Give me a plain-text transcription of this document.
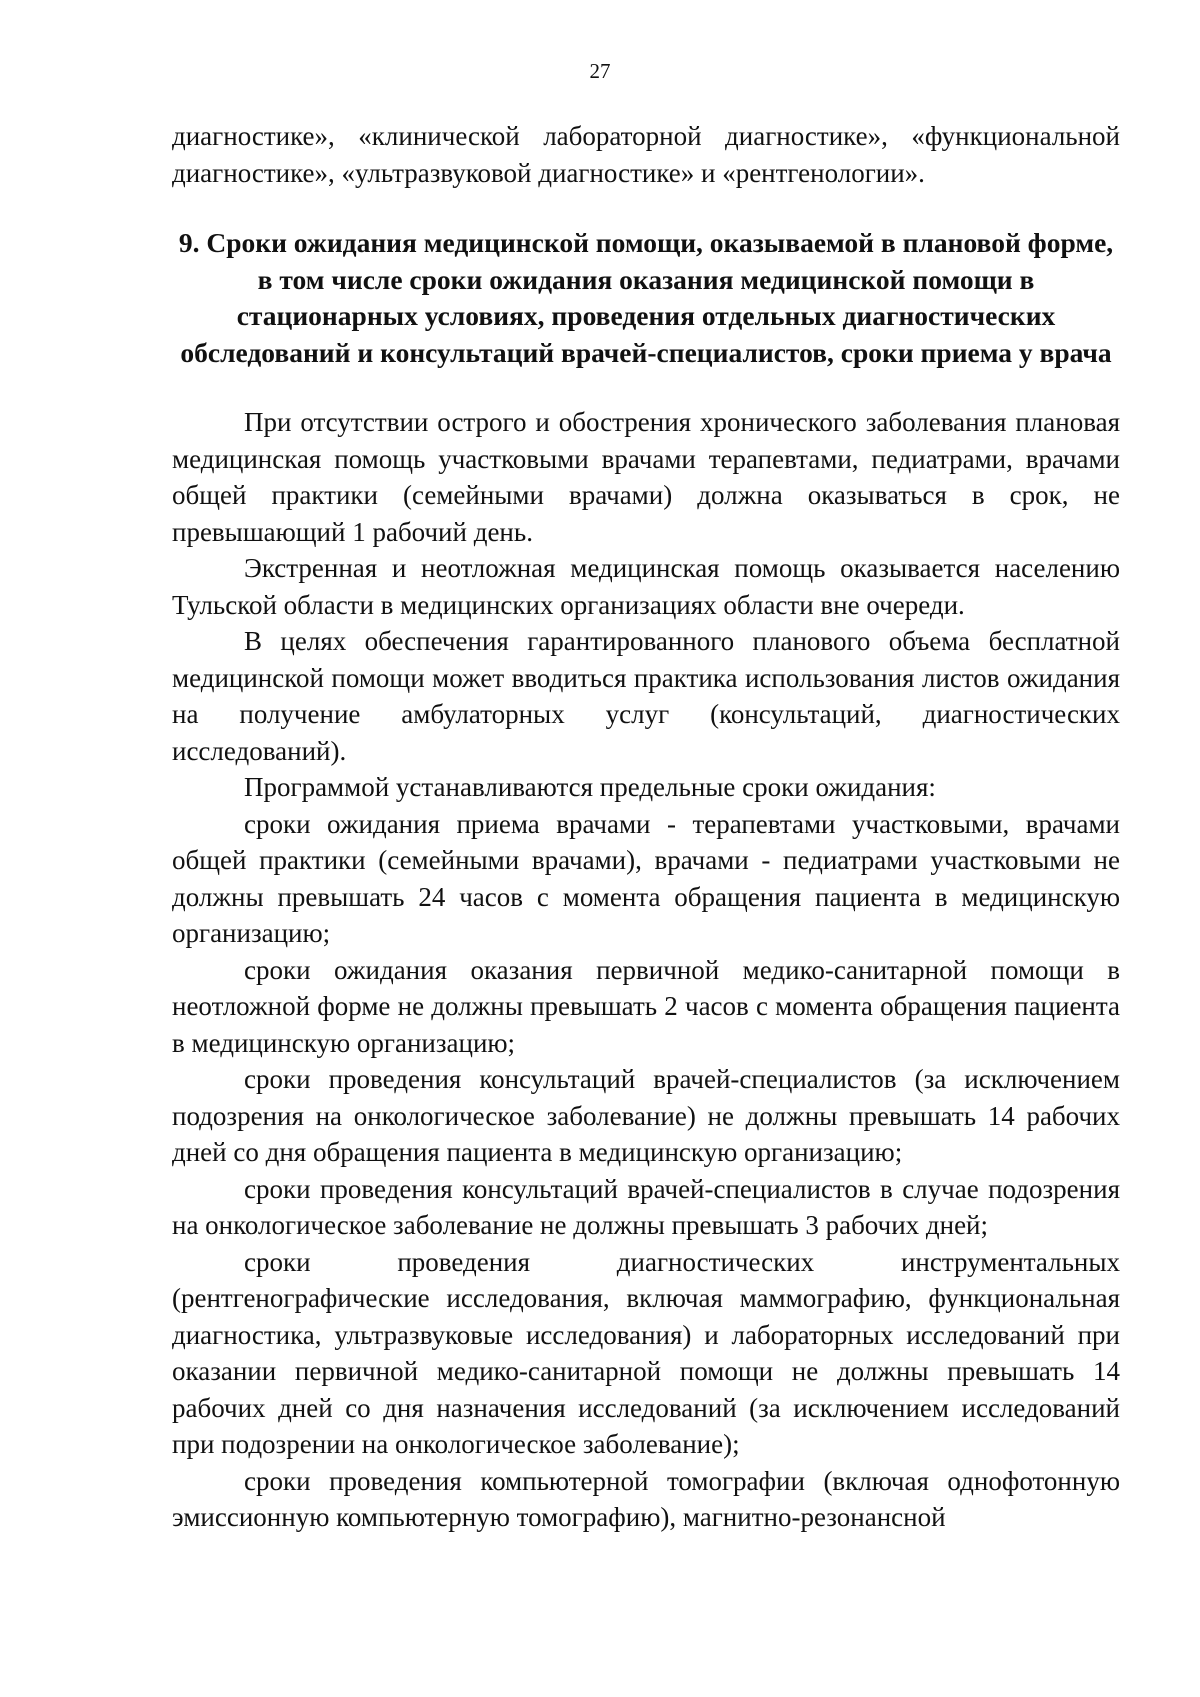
27

диагностике», «клинической лабораторной диагностике», «функциональной диагностике», «ультразвуковой диагностике» и «рентгенологии».

9. Сроки ожидания медицинской помощи, оказываемой в плановой форме, в том числе сроки ожидания оказания медицинской помощи в стационарных условиях, проведения отдельных диагностических обследований и консультаций врачей-специалистов, сроки приема у врача

При отсутствии острого и обострения хронического заболевания плановая медицинская помощь участковыми врачами терапевтами, педиатрами, врачами общей практики (семейными врачами) должна оказываться в срок, не превышающий 1 рабочий день.

Экстренная и неотложная медицинская помощь оказывается населению Тульской области в медицинских организациях области вне очереди.

В целях обеспечения гарантированного планового объема бесплатной медицинской помощи может вводиться практика использования листов ожидания на получение амбулаторных услуг (консультаций, диагностических исследований).

Программой устанавливаются предельные сроки ожидания:

сроки ожидания приема врачами - терапевтами участковыми, врачами общей практики (семейными врачами), врачами - педиатрами участковыми не должны превышать 24 часов с момента обращения пациента в медицинскую организацию;

сроки ожидания оказания первичной медико-санитарной помощи в неотложной форме не должны превышать 2 часов с момента обращения пациента в медицинскую организацию;

сроки проведения консультаций врачей-специалистов (за исключением подозрения на онкологическое заболевание) не должны превышать 14 рабочих дней со дня обращения пациента в медицинскую организацию;

сроки проведения консультаций врачей-специалистов в случае подозрения на онкологическое заболевание не должны превышать 3 рабочих дней;

сроки проведения диагностических инструментальных (рентгенографические исследования, включая маммографию, функциональная диагностика, ультразвуковые исследования) и лабораторных исследований при оказании первичной медико-санитарной помощи не должны превышать 14 рабочих дней со дня назначения исследований (за исключением исследований при подозрении на онкологическое заболевание);

сроки проведения компьютерной томографии (включая однофотонную эмиссионную компьютерную томографию), магнитно-резонансной
